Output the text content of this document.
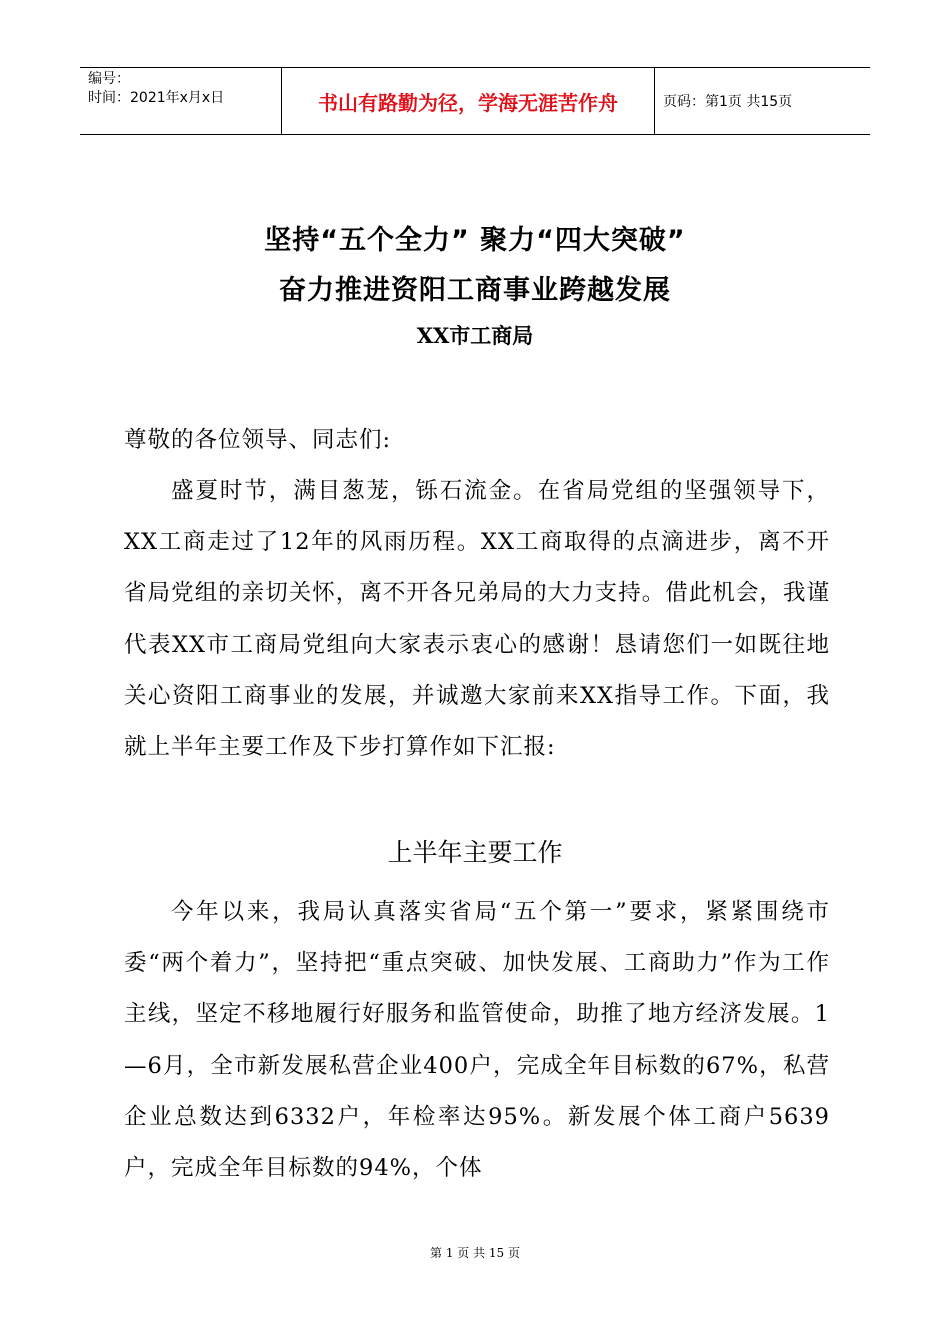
编号：
时间：2021年x月x日	书山有路勤为径，学海无涯苦作舟	页码：第1页 共15页
坚持“五个全力” 聚力“四大突破”
奋力推进资阳工商事业跨越发展
XX市工商局
尊敬的各位领导、同志们:
盛夏时节，满目葱茏，铄石流金。在省局党组的坚强领导下，XX工商走过了12年的风雨历程。XX工商取得的点滴进步，离不开省局党组的亲切关怀，离不开各兄弟局的大力支持。借此机会，我谨代表XX市工商局党组向大家表示衷心的感谢！恳请您们一如既往地关心资阳工商事业的发展，并诚邀大家前来XX指导工作。下面，我就上半年主要工作及下步打算作如下汇报:
上半年主要工作
今年以来，我局认真落实省局“五个第一”要求，紧紧围绕市委“两个着力”，坚持把“重点突破、加快发展、工商助力”作为工作主线，坚定不移地履行好服务和监管使命，助推了地方经济发展。1—6月，全市新发展私营企业400户，完成全年目标数的67%，私营企业总数达到6332户，年检率达95%。新发展个体工商户5639户，完成全年目标数的94%，个体
第 1 页 共 15 页
